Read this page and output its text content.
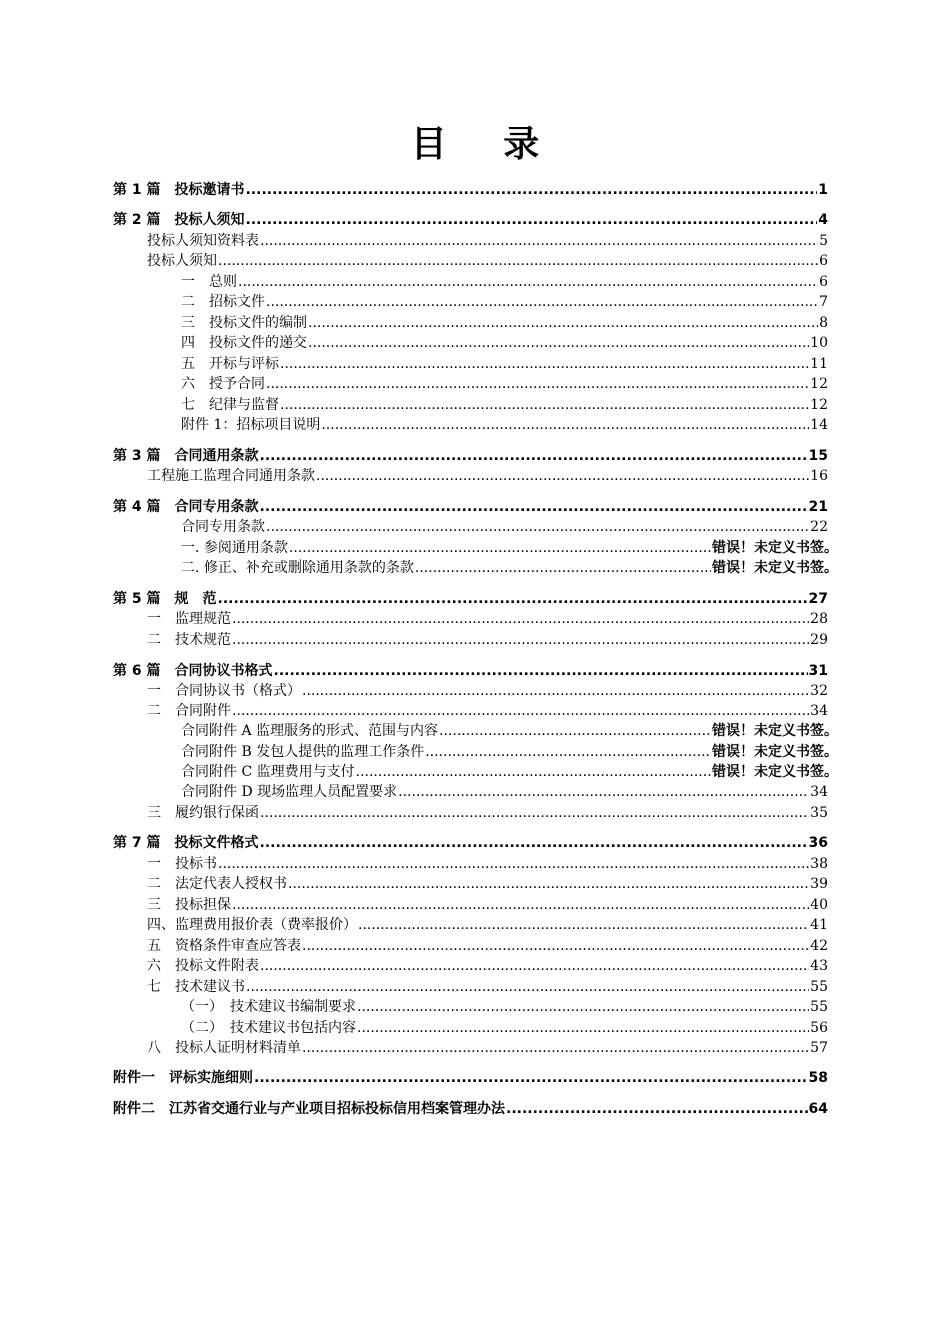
目 录
第 1 篇　投标邀请书 .....	1
第 2 篇　投标人须知 .....	4
投标人须知资料表 .....	5
投标人须知 .....	6
一　总则 .....	6
二　招标文件 .....	7
三　投标文件的编制 .....	8
四　投标文件的递交 .....	10
五　开标与评标 .....	11
六　授予合同 .....	12
七　纪律与监督 .....	12
附件 1：招标项目说明 .....	14
第 3 篇　合同通用条款 .....	15
工程施工监理合同通用条款 .....	16
第 4 篇　合同专用条款 .....	21
合同专用条款 .....	22
一. 参阅通用条款 .....	错误！未定义书签。
二. 修正、补充或删除通用条款的条款 .....	错误！未定义书签。
第 5 篇　规　范 .....	27
一　监理规范 .....	28
二　技术规范 .....	29
第 6 篇　合同协议书格式 .....	31
一　合同协议书（格式） .....	32
二　合同附件 .....	34
合同附件 A 监理服务的形式、范围与内容 .....	错误！未定义书签。
合同附件 B 发包人提供的监理工作条件 .....	错误！未定义书签。
合同附件 C 监理费用与支付 .....	错误！未定义书签。
合同附件 D 现场监理人员配置要求 .....	34
三　履约银行保函 .....	35
第 7 篇　投标文件格式 .....	36
一　投标书 .....	38
二　法定代表人授权书 .....	39
三　投标担保 .....	40
四、监理费用报价表（费率报价） .....	41
五　资格条件审查应答表 .....	42
六　投标文件附表 .....	43
七　技术建议书 .....	55
（一）　技术建议书编制要求 .....	55
（二）　技术建议书包括内容 .....	56
八　投标人证明材料清单 .....	57
附件一　评标实施细则 .....	58
附件二　江苏省交通行业与产业项目招标投标信用档案管理办法 .....	64
